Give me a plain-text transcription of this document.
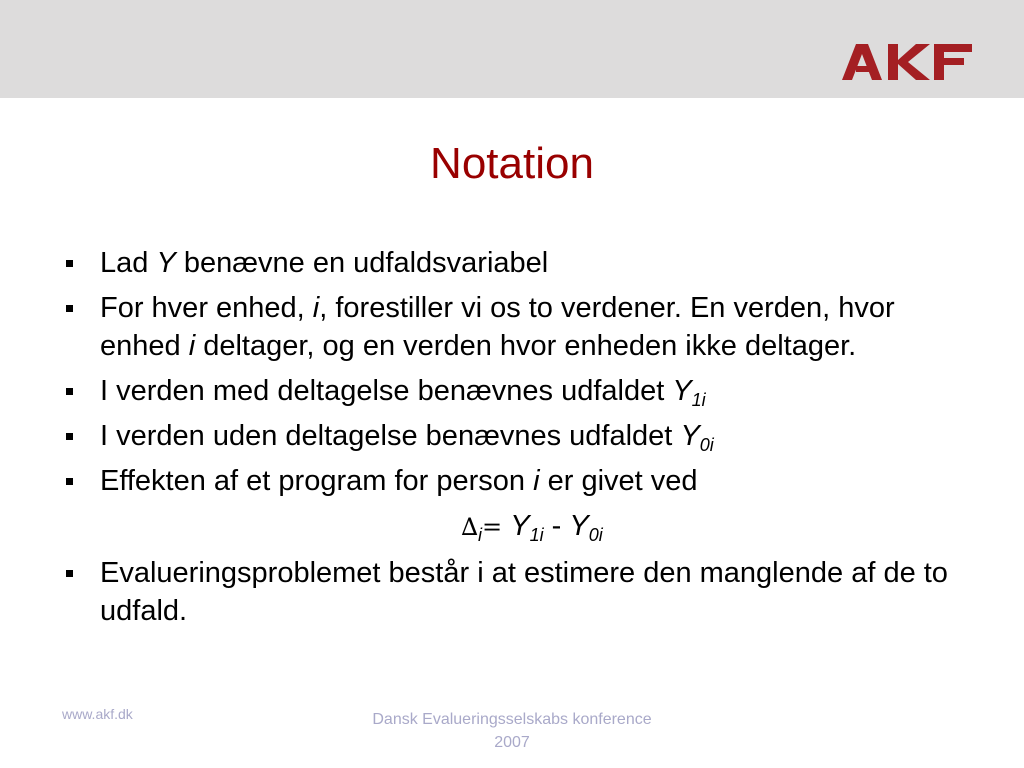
Notation
Lad Y benævne en udfaldsvariabel
For hver enhed, i, forestiller vi os to verdener. En verden, hvor enhed i deltager, og en verden hvor enheden ikke deltager.
I verden med deltagelse benævnes udfaldet $Y_{1i}$
I verden uden deltagelse benævnes udfaldet $Y_{0i}$
Effekten af et program for person i er givet ved
$\Delta_i= Y_{1i} - Y_{0i}$
Evalueringsproblemet består i at estimere den manglende af de to udfald.
www.akf.dk	Dansk Evalueringsselskabs konference 2007
